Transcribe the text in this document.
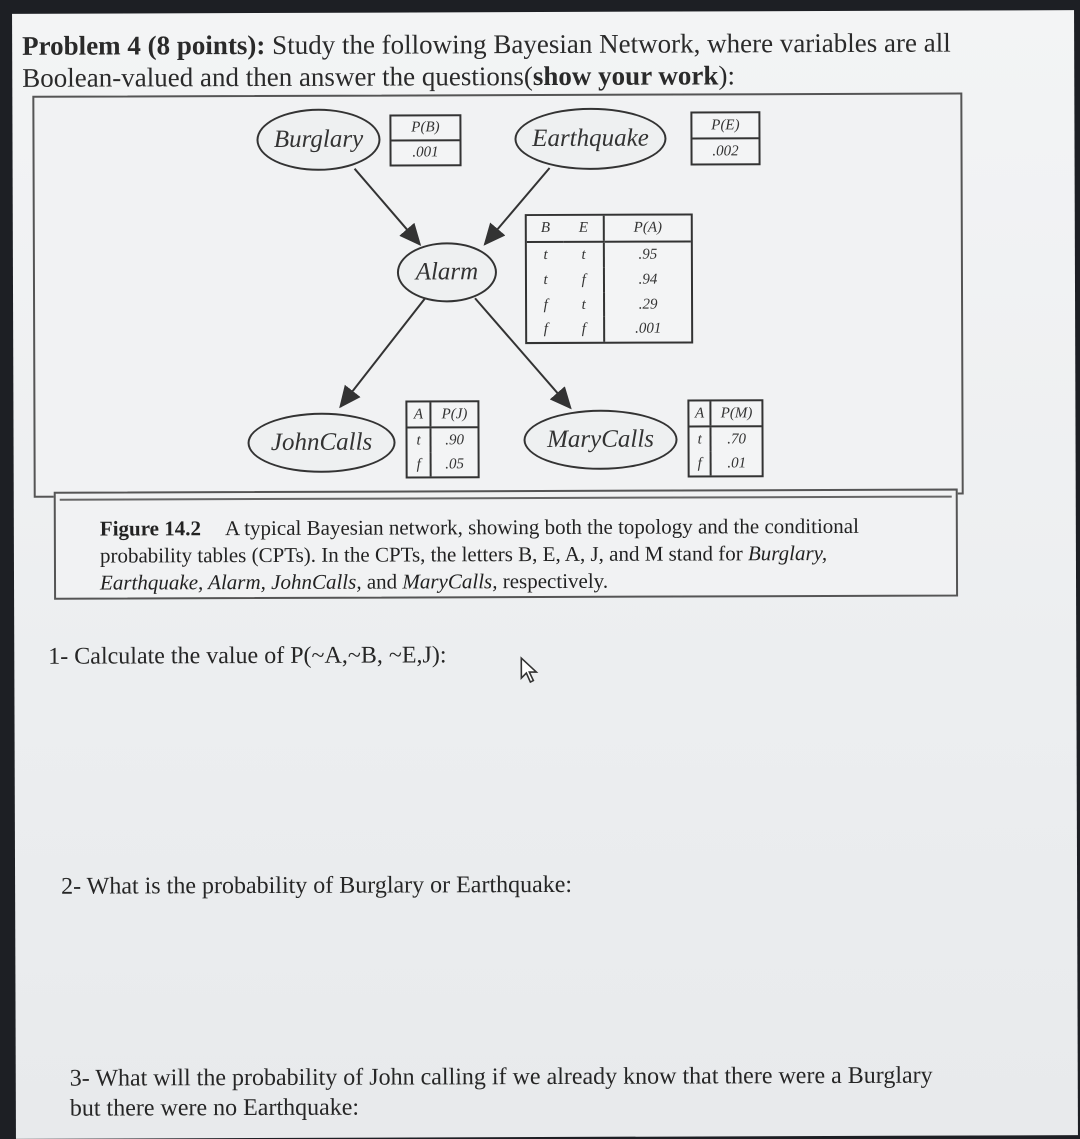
Problem 4 (8 points): Study the following Bayesian Network, where variables are all
Boolean-valued and then answer the questions(show your work):
Burglary	Earthquake
Alarm
JohnCalls	MaryCalls
P(B)
.001
P(E)
.002
B	E	P(A)
t	t	.95
t	f	.94
f	t	.29
f	f	.001
A	P(J)
t	.90
f	.05
A	P(M)
t	.70
f	.01
Figure 14.2 A typical Bayesian network, showing both the topology and the conditional probability tables (CPTs). In the CPTs, the letters B, E, A, J, and M stand for Burglary, Earthquake, Alarm, JohnCalls, and MaryCalls, respectively.
1- Calculate the value of P(~A,~B, ~E,J):
2- What is the probability of Burglary or Earthquake:
3- What will the probability of John calling if we already know that there were a Burglary
but there were no Earthquake:
